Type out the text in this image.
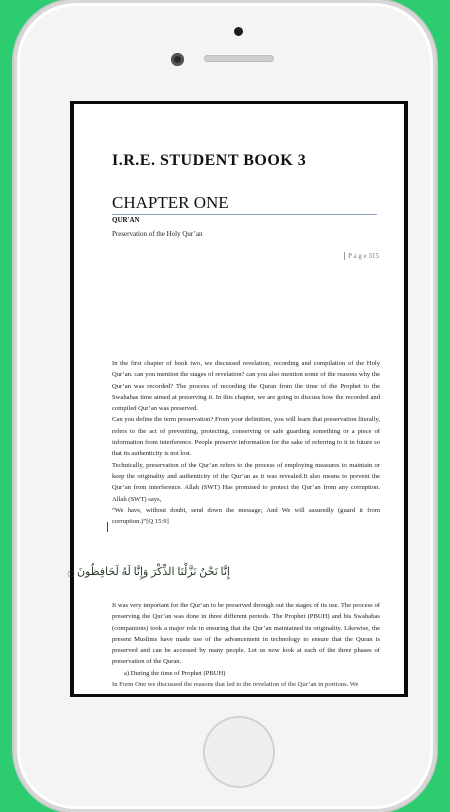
I.R.E. STUDENT BOOK 3
CHAPTER ONE
QUR'AN
Preservation of the Holy Qur’an
P a g e 315

In the first chapter of book two, we discussed revelation, recording and compilation of the Holy Qur’an. can you mention the stages of revelation? can you also mention some of the reasons why the Qur’an was recorded? The process of recording the Quran from the time of the Prophet to the Swahabas time aimed at preserving it. In this chapter, we are going to discuss how the recorded and compiled Qur’an was preserved.

Can you define the term preservation? From your definition, you will learn that preservation literally, refers to the act of preventing, protecting, conserving or safe guarding something or a piece of information from interference. People preserve information for the sake of referring to it in future so that its authenticity is not lost.

Technically, preservation of the Qur’an refers to the process of employing measures to maintain or keep the originality and authenticity of the Qur’an as it was revealed.It also means to prevent the Qur’an from interference. Allah (SWT) Has promised to protect the Qur’an from any corruption. Allah (SWT) says,

“We have, without doubt, send down the message; And We will assuredly (guard it from corruption.)”[Q 15:9]

إِنَّا نَحْنُ نَزَّلْنَا الذِّكْرَ وَإِنَّا لَهُ لَحَافِظُونَ ۝

It was very important for the Qur’an to be preserved through out the stages of its use. The process of preserving the Qur’an was done in three different periods. The Prophet (PBUH) and his Swahabas (companions) took a major role in ensuring that the Qur’an maintained its originality. Likewise, the present Muslims have made use of the advancement in technology to ensure that the Quran is preserved and can be accessed by many people. Let us now look at each of the three phases of preservation of the Quran.

a) During the time of Prophet (PBUH)

In Form One we discussed the reasons that led to the revelation of the Qur’an in portions. We
